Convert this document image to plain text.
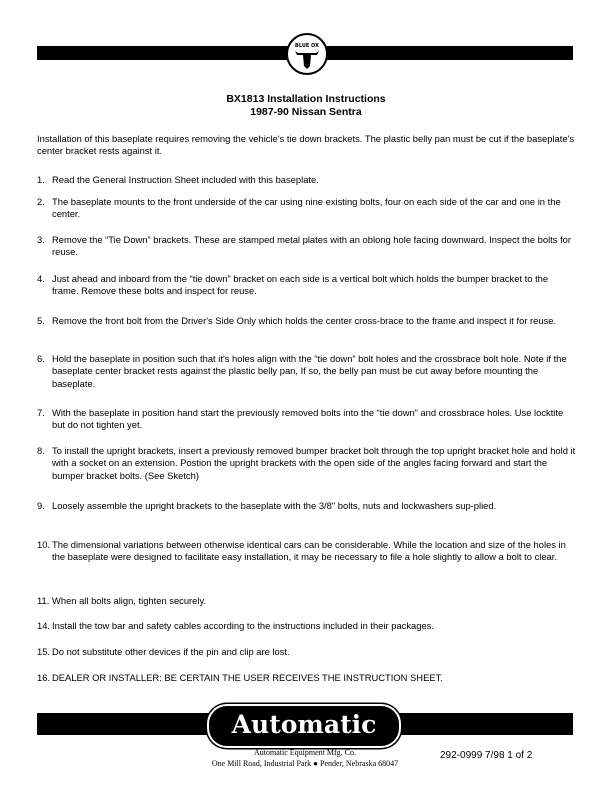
BLUE OX
BX1813 Installation Instructions
1987-90 Nissan Sentra
Installation of this baseplate requires removing the vehicle's tie down brackets. The plastic belly pan must be cut if the baseplate's center bracket rests against it.
1. Read the General Instruction Sheet included with this baseplate.
2. The baseplate mounts to the front underside of the car using nine existing bolts, four on each side of the car and one in the center.
3. Remove the “Tie Down” brackets. These are stamped metal plates with an oblong hole facing downward. Inspect the bolts for reuse.
4. Just ahead and inboard from the “tie down” bracket on each side is a vertical bolt which holds the bumper bracket to the frame. Remove these bolts and inspect for reuse.
5. Remove the front bolt from the Driver's Side Only which holds the center cross-brace to the frame and inspect it for reuse.
6. Hold the baseplate in position such that it's holes align with the “tie down” bolt holes and the crossbrace bolt hole. Note if the baseplate center bracket rests against the plastic belly pan, If so, the belly pan must be cut away before mounting the baseplate.
7. With the baseplate in position hand start the previously removed bolts into the “tie down” and crossbrace holes. Use locktite but do not tighten yet.
8. To install the upright brackets, insert a previously removed bumper bracket bolt through the top upright bracket hole and hold it with a socket on an extension. Postion the upright brackets with the open side of the angles facing forward and start the bumper bracket bolts. (See Sketch)
9. Loosely assemble the upright brackets to the baseplate with the 3/8" bolts, nuts and lockwashers sup-plied.
10. The dimensional variations between otherwise identical cars can be considerable. While the location and size of the holes in the baseplate were designed to facilitate easy installation, it may be necessary to file a hole slightly to allow a bolt to clear.
11. When all bolts align, tighten securely.
14. Install the tow bar and safety cables according to the instructions included in their packages.
15. Do not substitute other devices if the pin and clip are lost.
16. DEALER OR INSTALLER: BE CERTAIN THE USER RECEIVES THE INSTRUCTION SHEET.
Automatic
Automatic Equipment Mfg. Co.
One Mill Road, Industrial Park ● Pender, Nebraska 68047
292-0999 7/98 1 of 2
